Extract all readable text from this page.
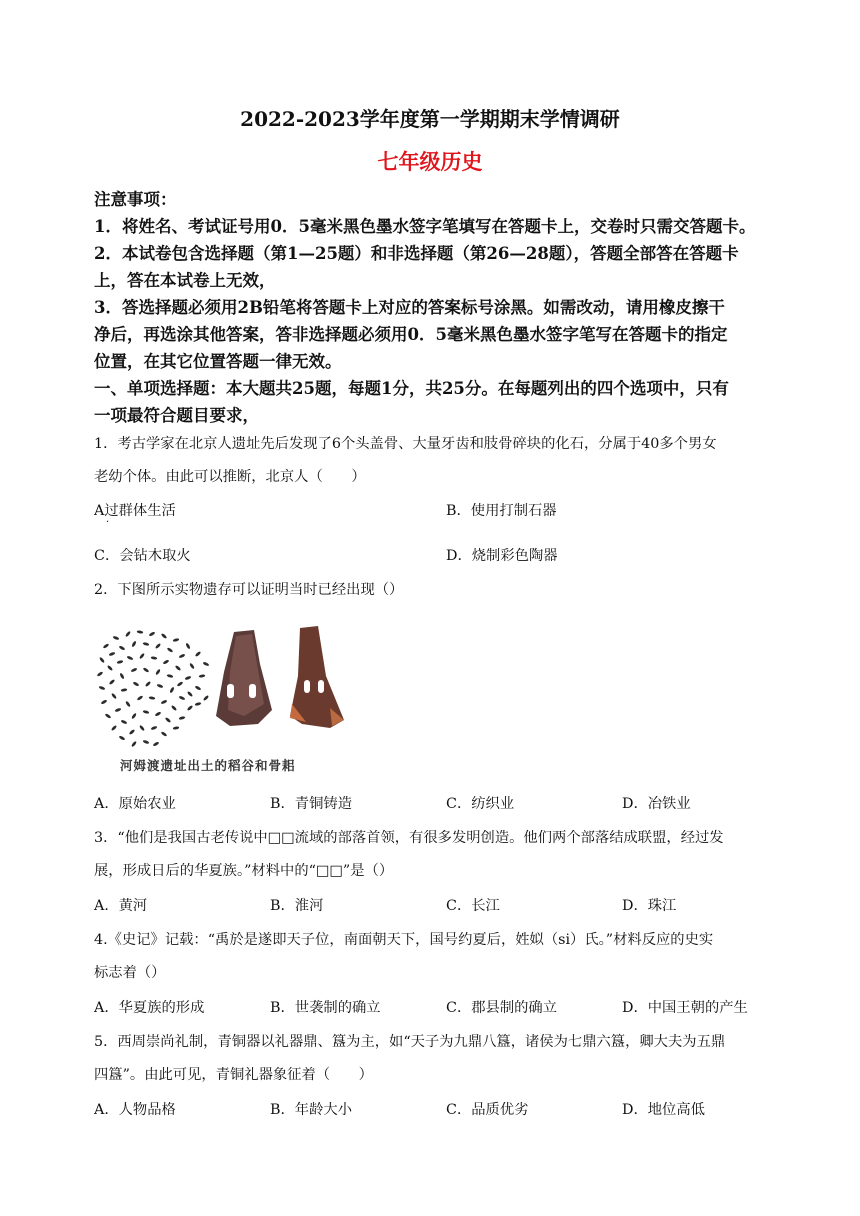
2022-2023学年度第一学期期末学情调研
七年级历史
注意事项：
1．将姓名、考试证号用0．5毫米黑色墨水签字笔填写在答题卡上，交卷时只需交答题卡。
2．本试卷包含选择题（第1—25题）和非选择题（第26—28题），答题全部答在答题卡
上，答在本试卷上无效，
3．答选择题必须用2B铅笔将答题卡上对应的答案标号涂黑。如需改动，请用橡皮擦干
净后，再选涂其他答案，答非选择题必须用0．5毫米黑色墨水签字笔写在答题卡的指定
位置，在其它位置答题一律无效。
一、单项选择题：本大题共25题，每题1分，共25分。在每题列出的四个选项中，只有
一项最符合题目要求，
1．考古学家在北京人遗址先后发现了6个头盖骨、大量牙齿和肢骨碎块的化石，分属于40多个男女
老幼个体。由此可以推断，北京人（　　）
A过群体生活
·
B．使用打制石器
C．会钻木取火	D．烧制彩色陶器
2．下图所示实物遗存可以证明当时已经出现（）
河姆渡遗址出土的稻谷和骨耜
A．原始农业	B．青铜铸造	C．纺织业	D．冶铁业
3．“他们是我国古老传说中□□流域的部落首领，有很多发明创造。他们两个部落结成联盟，经过发
展，形成日后的华夏族。”材料中的“□□”是（）
A．黄河	B．淮河	C．长江	D．珠江
4.《史记》记载：“禹於是遂即天子位，南面朝天下，国号约夏后，姓姒（si）氏。”材料反应的史实
标志着（）
A．华夏族的形成	B．世袭制的确立	C．郡县制的确立	D．中国王朝的产生
5．西周崇尚礼制，青铜器以礼器鼎、簋为主，如“天子为九鼎八簋，诸侯为七鼎六簋，卿大夫为五鼎
四簋”。由此可见，青铜礼器象征着（　　）
A．人物品格	B．年龄大小	C．品质优劣	D．地位高低
